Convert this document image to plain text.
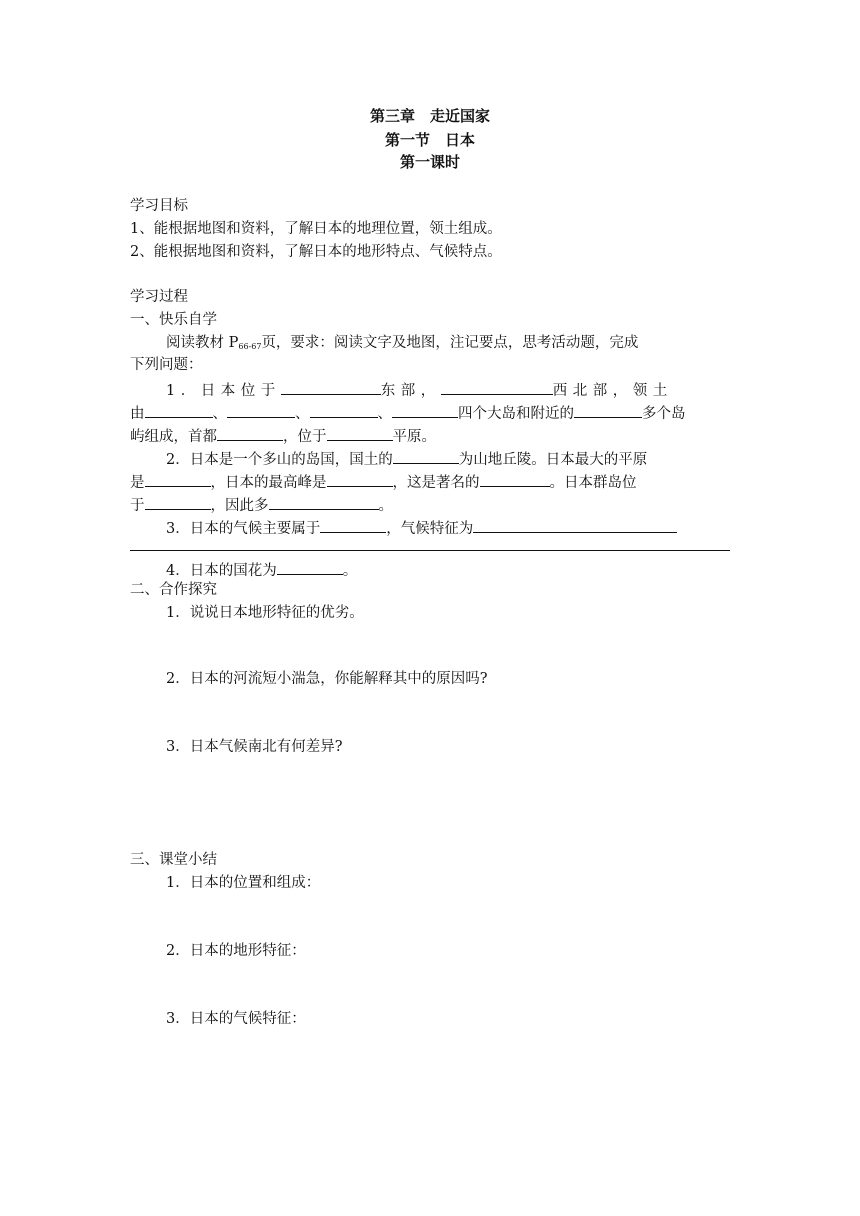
第三章　走近国家
第一节　日本
第一课时
学习目标
1、能根据地图和资料，了解日本的地理位置，领土组成。
2、能根据地图和资料，了解日本的地形特点、气候特点。
学习过程
一、快乐自学
阅读教材 $P_{66-67}$页，要求：阅读文字及地图，注记要点，思考活动题，完成
下列问题：
1．日本位于	东部，	西北部，领土
由	、	、	、	四个大岛和附近的	多个岛
屿组成，首都	，位于	平原。
2．日本是一个多山的岛国，国土的	为山地丘陵。日本最大的平原
是	，日本的最高峰是	，这是著名的	。日本群岛位
于	，因此多	。
3．日本的气候主要属于	，气候特征为
4．日本的国花为	。
二、合作探究
1．说说日本地形特征的优劣。
2．日本的河流短小湍急，你能解释其中的原因吗?
3．日本气候南北有何差异?
三、课堂小结
1．日本的位置和组成：
2．日本的地形特征：
3．日本的气候特征：
